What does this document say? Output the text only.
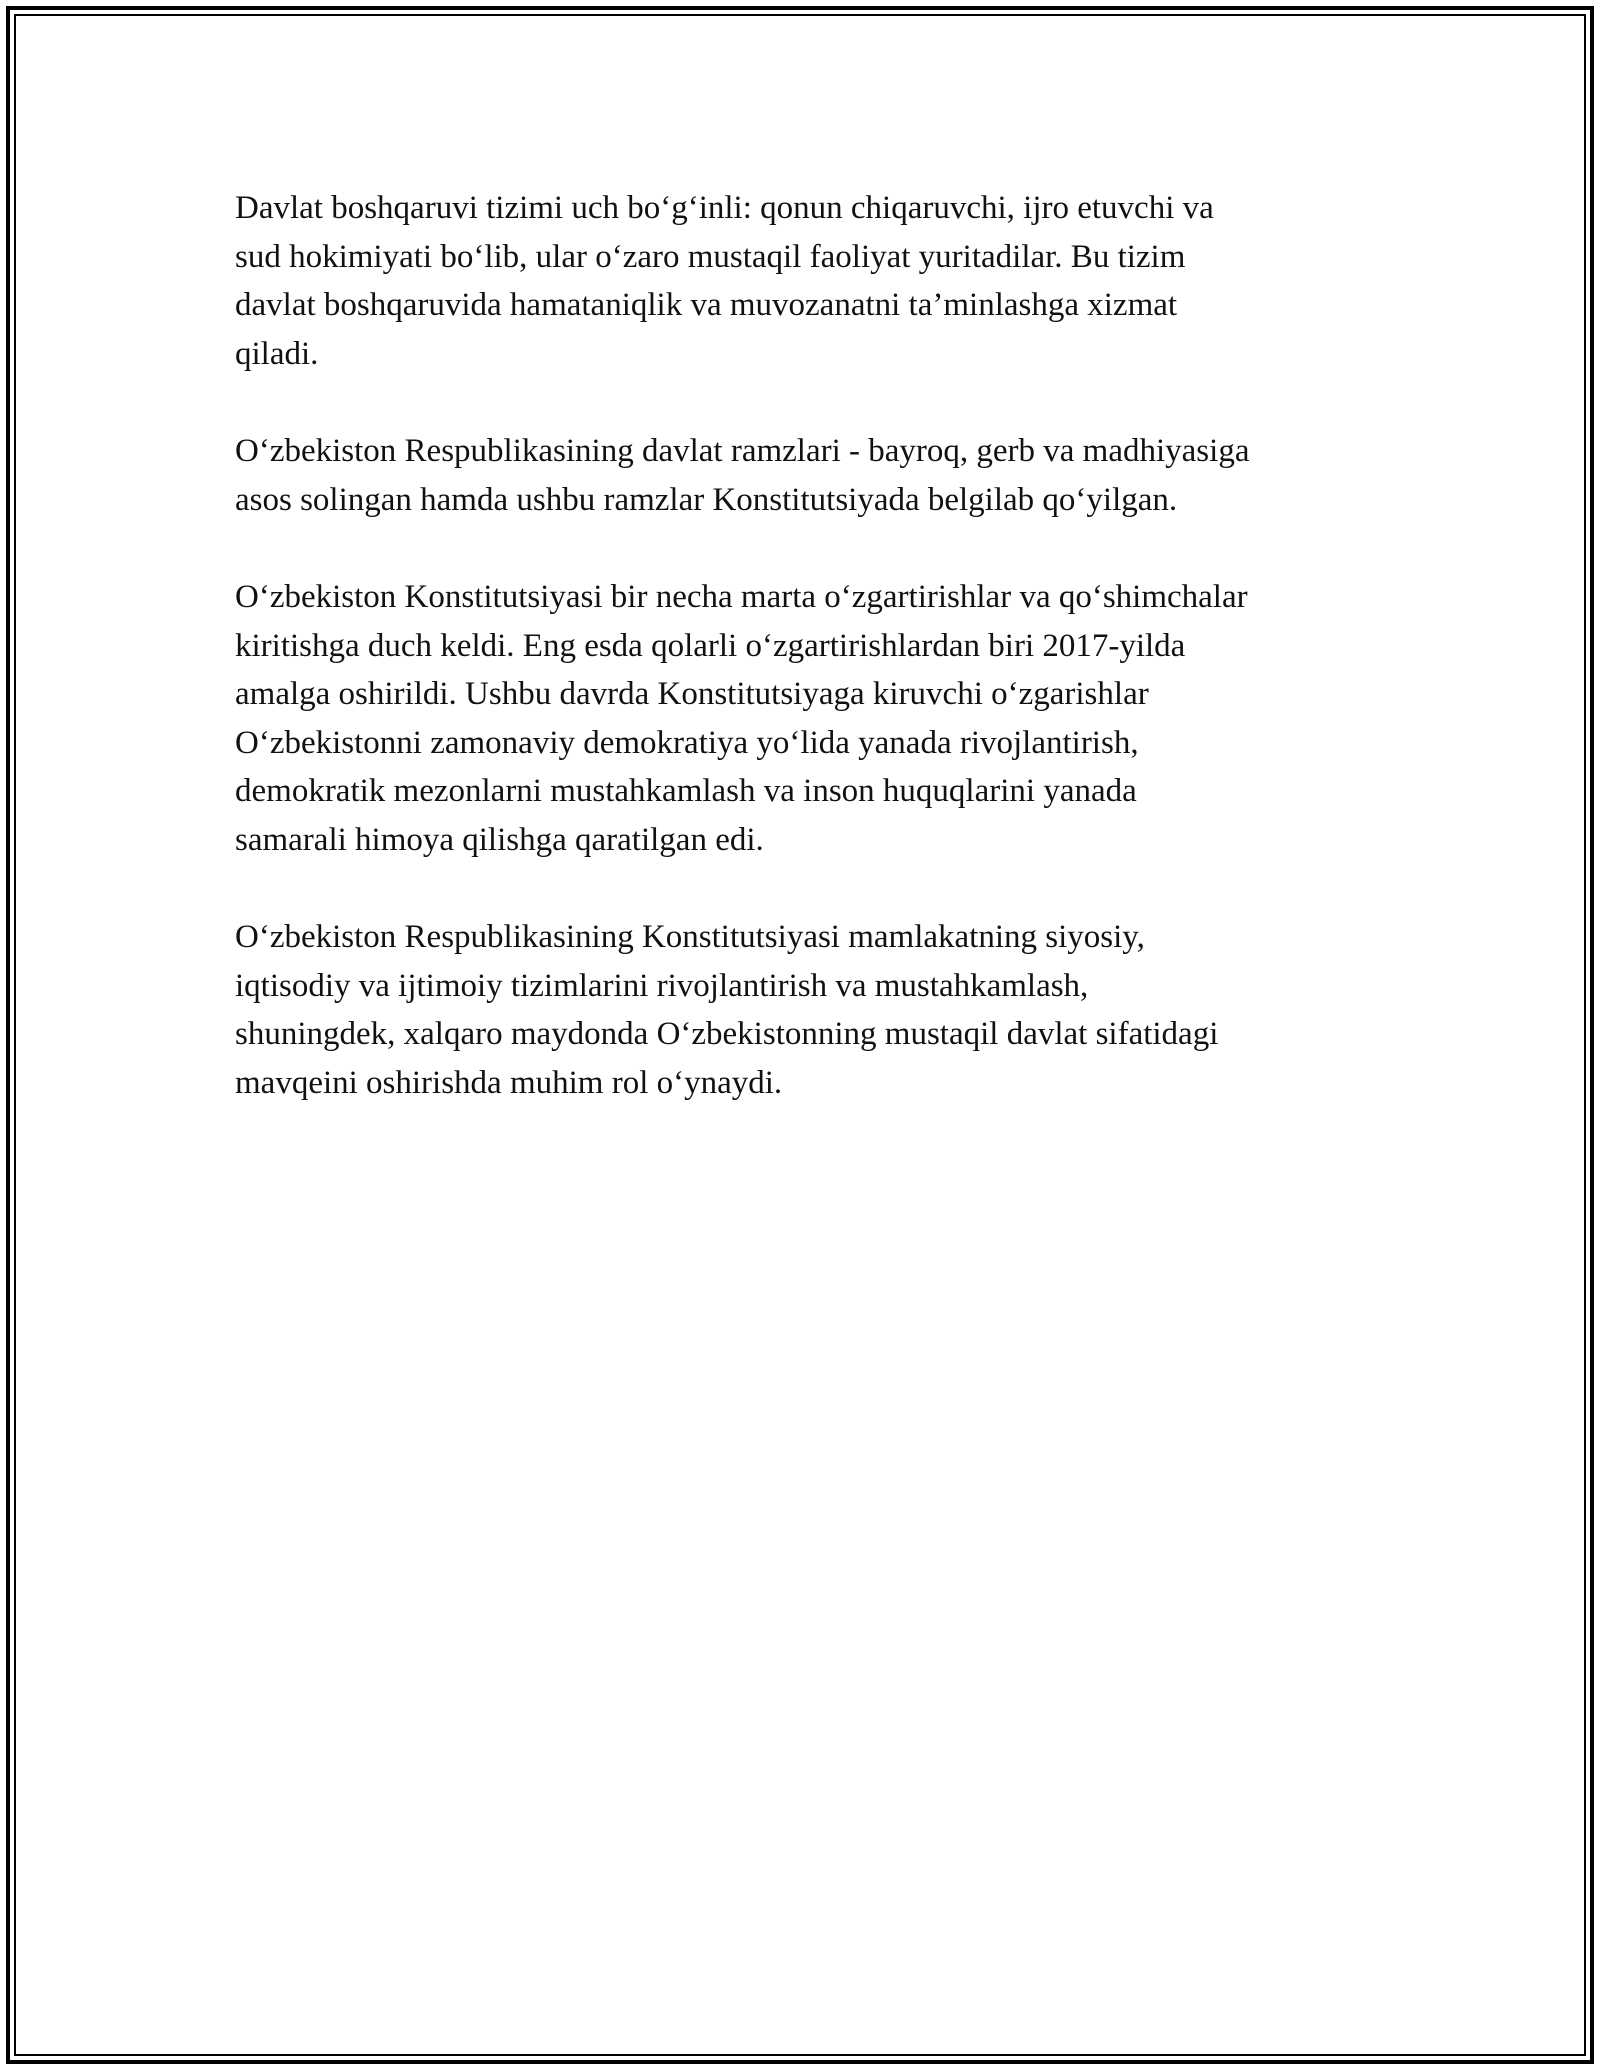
Davlat boshqaruvi tizimi uch bo‘g‘inli: qonun chiqaruvchi, ijro etuvchi va
sud hokimiyati bo‘lib, ular o‘zaro mustaqil faoliyat yuritadilar. Bu tizim
davlat boshqaruvida hamataniqlik va muvozanatni ta’minlashga xizmat
qiladi.

O‘zbekiston Respublikasining davlat ramzlari - bayroq, gerb va madhiyasiga
asos solingan hamda ushbu ramzlar Konstitutsiyada belgilab qo‘yilgan.

O‘zbekiston Konstitutsiyasi bir necha marta o‘zgartirishlar va qo‘shimchalar
kiritishga duch keldi. Eng esda qolarli o‘zgartirishlardan biri 2017-yilda
amalga oshirildi. Ushbu davrda Konstitutsiyaga kiruvchi o‘zgarishlar
O‘zbekistonni zamonaviy demokratiya yo‘lida yanada rivojlantirish,
demokratik mezonlarni mustahkamlash va inson huquqlarini yanada
samarali himoya qilishga qaratilgan edi.

O‘zbekiston Respublikasining Konstitutsiyasi mamlakatning siyosiy,
iqtisodiy va ijtimoiy tizimlarini rivojlantirish va mustahkamlash,
shuningdek, xalqaro maydonda O‘zbekistonning mustaqil davlat sifatidagi
mavqeini oshirishda muhim rol o‘ynaydi.
